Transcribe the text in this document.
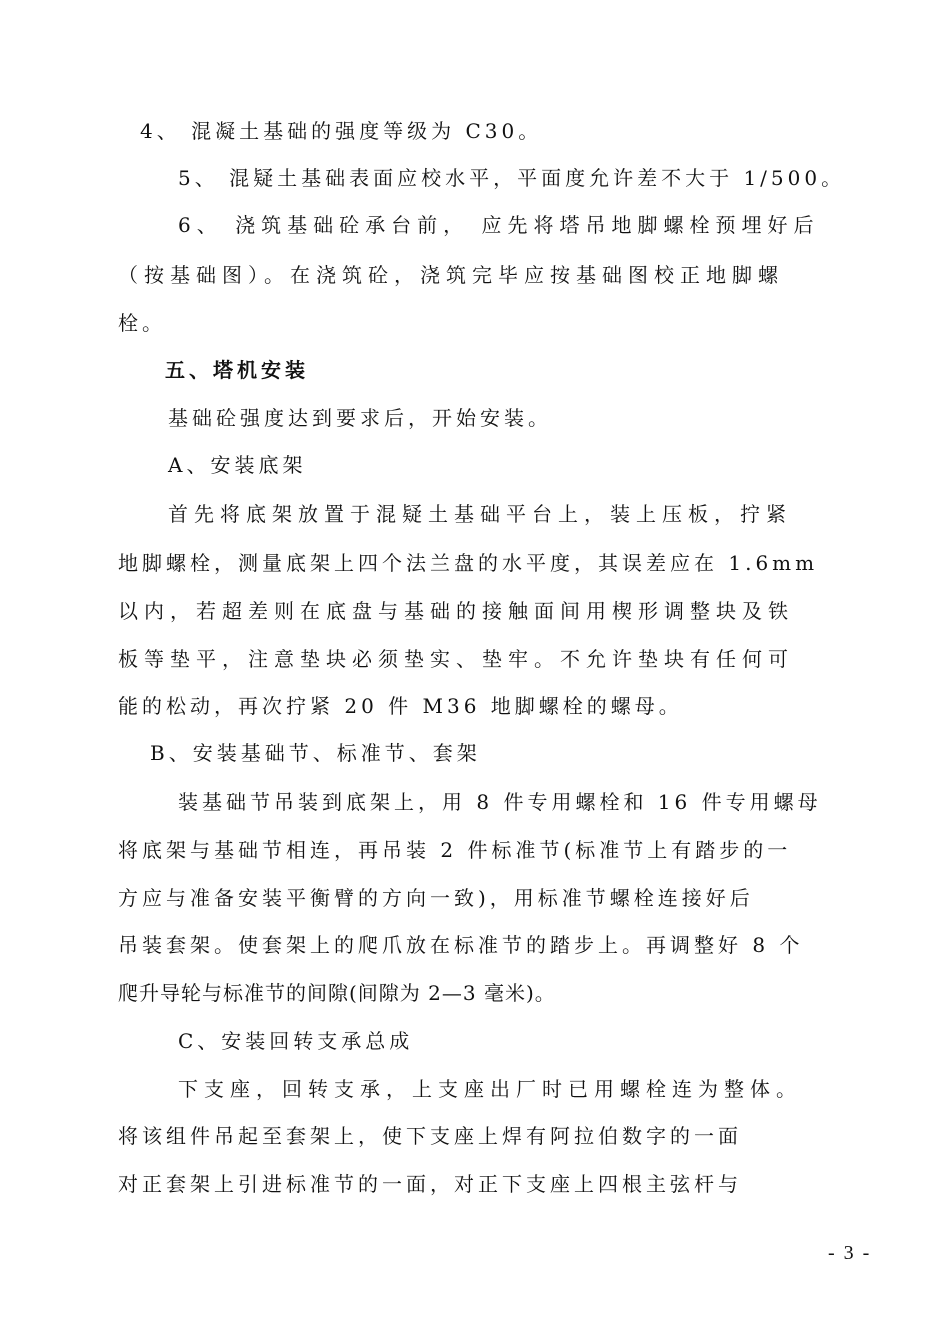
4、 混凝土基础的强度等级为 C30。
5、 混疑土基础表面应校水平，平面度允许差不大于 1/500。
6、 浇筑基础砼承台前， 应先将塔吊地脚螺栓预埋好后
（按基础图）。在浇筑砼，浇筑完毕应按基础图校正地脚螺
栓。
五、塔机安装
基础砼强度达到要求后，开始安装。
A、安装底架
首先将底架放置于混疑土基础平台上，装上压板，拧紧
地脚螺栓，测量底架上四个法兰盘的水平度，其误差应在 1.6mm
以内，若超差则在底盘与基础的接触面间用楔形调整块及铁
板等垫平，注意垫块必须垫实、垫牢。不允许垫块有任何可
能的松动，再次拧紧 20 件 M36 地脚螺栓的螺母。
B、安装基础节、标准节、套架
装基础节吊装到底架上，用 8 件专用螺栓和 16 件专用螺母
将底架与基础节相连，再吊装 2 件标准节(标准节上有踏步的一
方应与准备安装平衡臂的方向一致)，用标准节螺栓连接好后
吊装套架。使套架上的爬爪放在标准节的踏步上。再调整好 8 个
爬升导轮与标准节的间隙(间隙为 2—3 毫米)。
C、安装回转支承总成
下支座，回转支承，上支座出厂时已用螺栓连为整体。
将该组件吊起至套架上，使下支座上焊有阿拉伯数字的一面
对正套架上引进标准节的一面，对正下支座上四根主弦杆与
- 3 -
